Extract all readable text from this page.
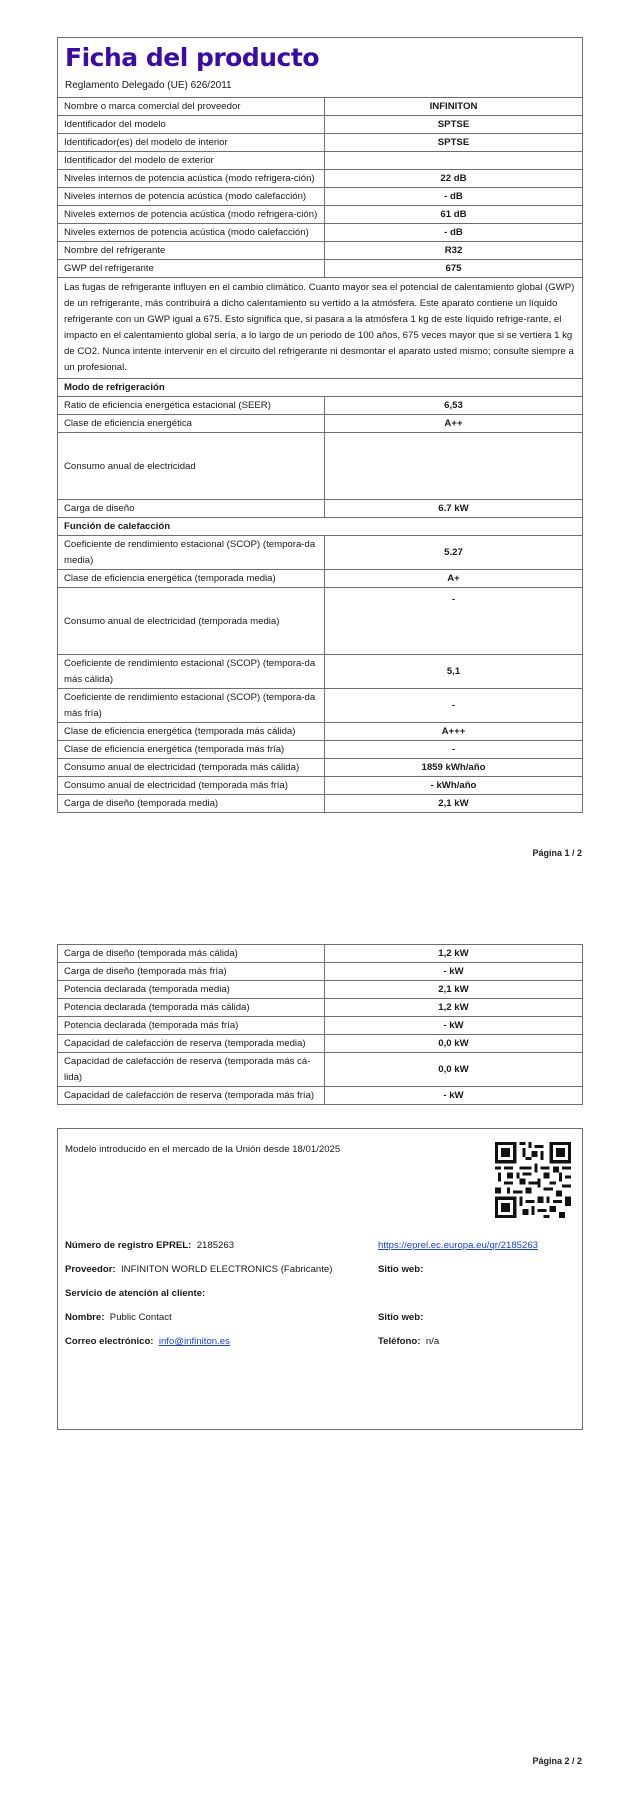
Ficha del producto
Reglamento Delegado (UE) 626/2011
Nombre o marca comercial del proveedor	INFINITON
Identificador del modelo	SPTSE
Identificador(es) del modelo de interior	SPTSE
Identificador del modelo de exterior	
Niveles internos de potencia acústica (modo refrigera-ción)	22 dB
Niveles internos de potencia acústica (modo calefacción)	- dB
Niveles externos de potencia acústica (modo refrigera-ción)	61 dB
Niveles externos de potencia acústica (modo calefacción)	- dB
Nombre del refrigerante	R32
GWP del refrigerante	675
Las fugas de refrigerante influyen en el cambio climático. Cuanto mayor sea el potencial de calentamiento global (GWP) de un refrigerante, más contribuirá a dicho calentamiento su vertido a la atmósfera. Este aparato contiene un líquido refrigerante con un GWP igual a 675. Esto significa que, si pasara a la atmósfera 1 kg de este líquido refrige-rante, el impacto en el calentamiento global sería, a lo largo de un periodo de 100 años, 675 veces mayor que si se vertiera 1 kg de CO2. Nunca intente intervenir en el circuito del refrigerante ni desmontar el aparato usted mismo; consulte siempre a un profesional.	
Modo de refrigeración	
Ratio de eficiencia energética estacional (SEER)	6,53
Clase de eficiencia energética	A++
Consumo anual de electricidad	
Carga de diseño	6.7 kW
Función de calefacción	
Coeficiente de rendimiento estacional (SCOP) (tempora-da media)	5.27
Clase de eficiencia energética (temporada media)	A+
Consumo anual de electricidad (temporada media)	-
Coeficiente de rendimiento estacional (SCOP) (tempora-da más cálida)	5,1
Coeficiente de rendimiento estacional (SCOP) (tempora-da más fría)	-
Clase de eficiencia energética (temporada más cálida)	A+++
Clase de eficiencia energética (temporada más fría)	-
Consumo anual de electricidad (temporada más cálida)	1859 kWh/año
Consumo anual de electricidad (temporada más fría)	- kWh/año
Carga de diseño (temporada media)	2,1 kW
Página 1 / 2
Carga de diseño (temporada más cálida)	1,2 kW
Carga de diseño (temporada más fría)	- kW
Potencia declarada (temporada media)	2,1 kW
Potencia declarada (temporada más cálida)	1,2 kW
Potencia declarada (temporada más fría)	- kW
Capacidad de calefacción de reserva (temporada media)	0,0 kW
Capacidad de calefacción de reserva (temporada más cá-lida)	0,0 kW
Capacidad de calefacción de reserva (temporada más fría)	- kW
Modelo introducido en el mercado de la Unión desde 18/01/2025
Número de registro EPREL: 2185263	https://eprel.ec.europa.eu/qr/2185263
Proveedor: INFINITON WORLD ELECTRONICS (Fabricante)	Sitio web:
Servicio de atención al cliente:
Nombre: Public Contact	Sitio web:
Correo electrónico: info@infiniton.es	Teléfono: n/a
Página 2 / 2
